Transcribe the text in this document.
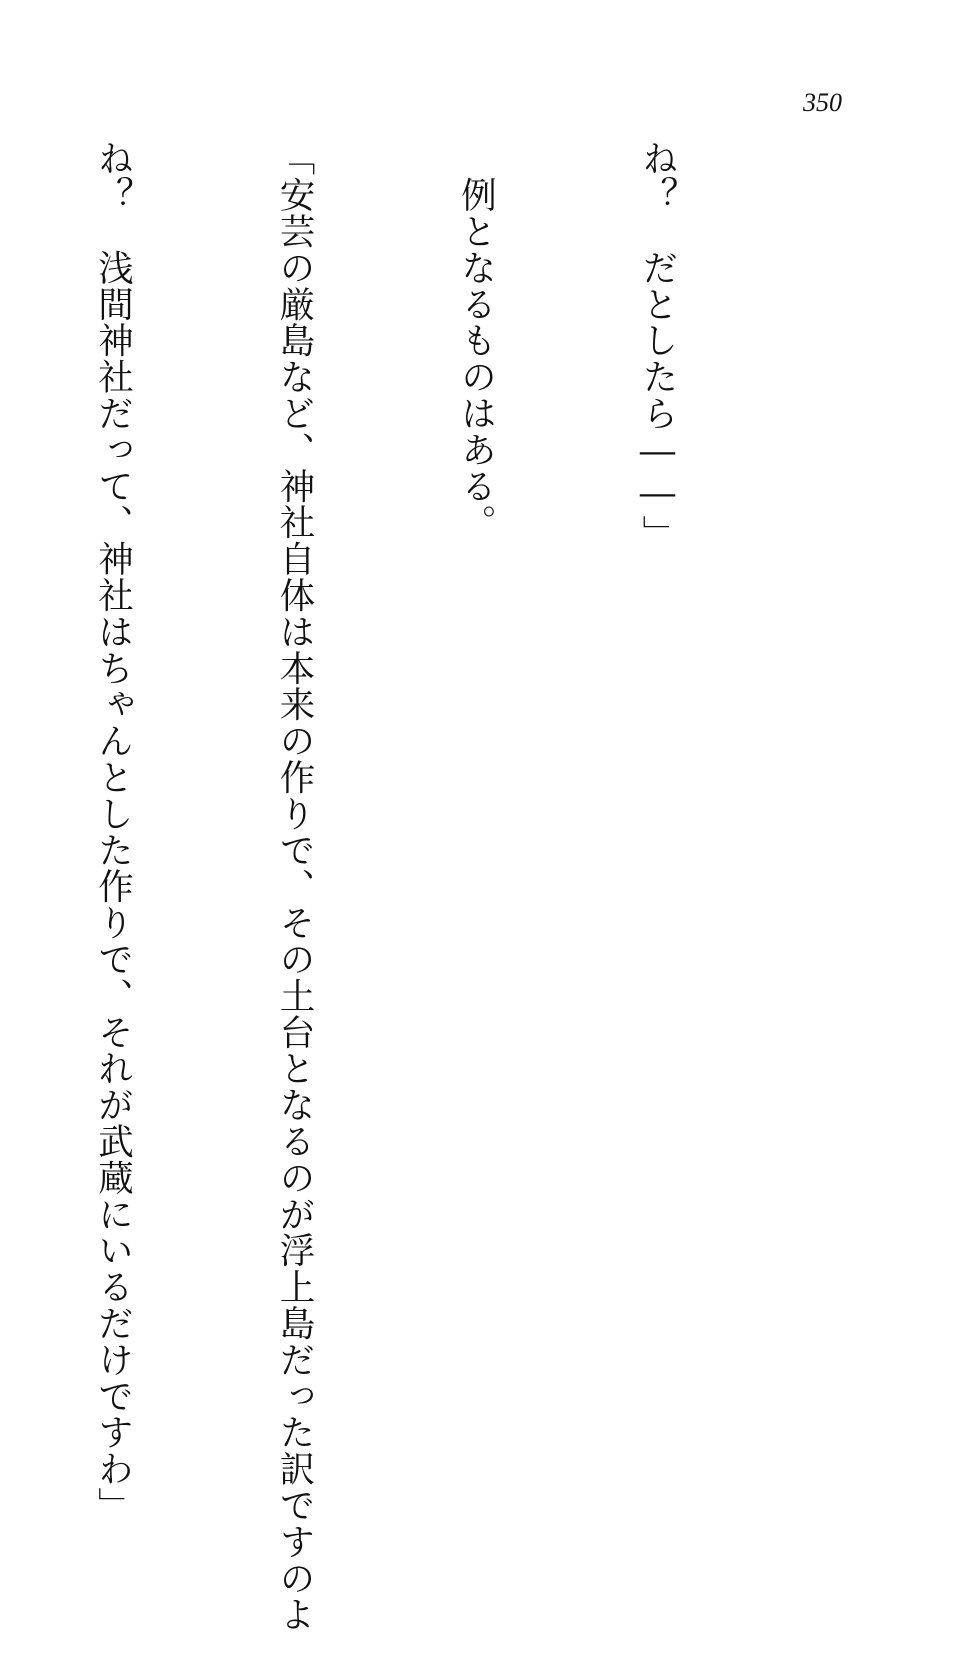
350

ね？　だとしたら――」

　例となるものはある。

「安芸の厳島など、神社自体は本来の作りで、その土台となるのが浮上島だった訳ですのよ

ね？　浅間神社だって、神社はちゃんとした作りで、それが武蔵にいるだけですわ」
